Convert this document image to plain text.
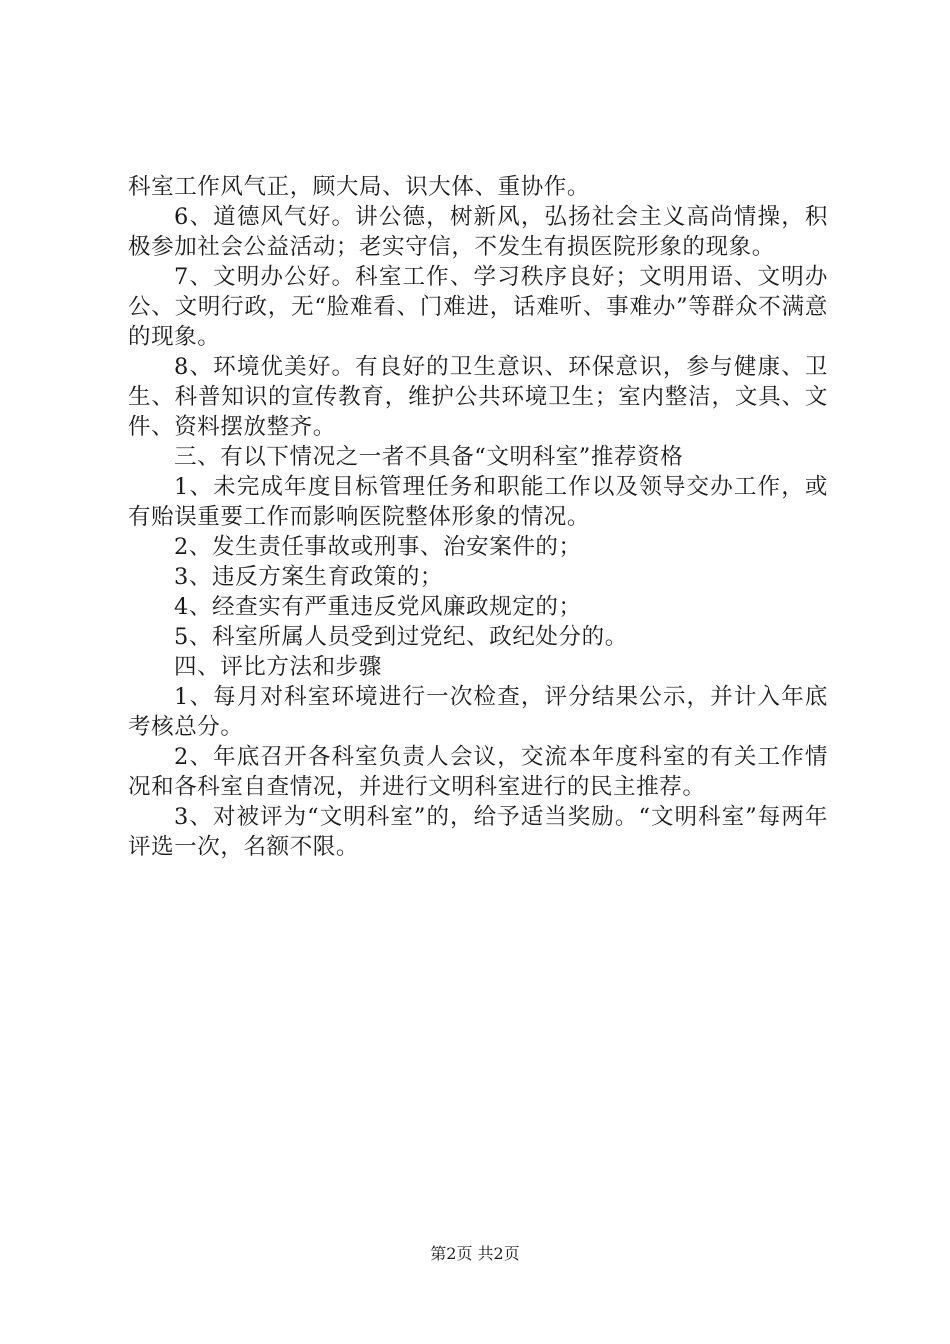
科室工作风气正，顾大局、识大体、重协作。

6、道德风气好。讲公德，树新风，弘扬社会主义高尚情操，积极参加社会公益活动；老实守信，不发生有损医院形象的现象。

7、文明办公好。科室工作、学习秩序良好；文明用语、文明办公、文明行政，无“脸难看、门难进，话难听、事难办”等群众不满意的现象。

8、环境优美好。有良好的卫生意识、环保意识，参与健康、卫生、科普知识的宣传教育，维护公共环境卫生；室内整洁，文具、文件、资料摆放整齐。

三、有以下情况之一者不具备“文明科室”推荐资格

1、未完成年度目标管理任务和职能工作以及领导交办工作，或有贻误重要工作而影响医院整体形象的情况。

2、发生责任事故或刑事、治安案件的；

3、违反方案生育政策的；

4、经查实有严重违反党风廉政规定的；

5、科室所属人员受到过党纪、政纪处分的。

四、评比方法和步骤

1、每月对科室环境进行一次检查，评分结果公示，并计入年底考核总分。

2、年底召开各科室负责人会议，交流本年度科室的有关工作情况和各科室自查情况，并进行文明科室进行的民主推荐。

3、对被评为“文明科室”的，给予适当奖励。“文明科室”每两年评选一次，名额不限。

第2页 共2页
